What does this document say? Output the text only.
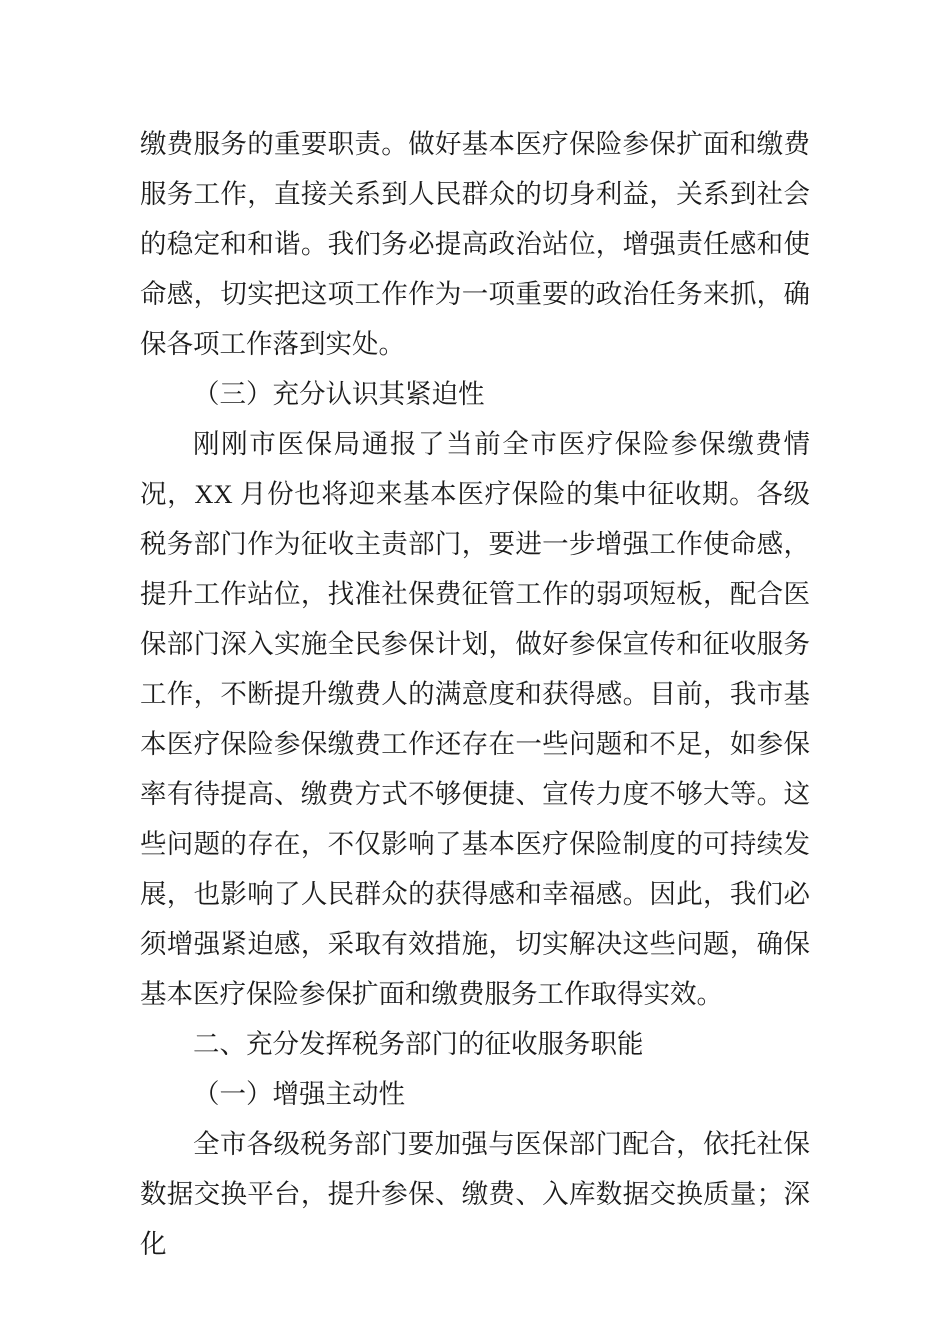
缴费服务的重要职责。做好基本医疗保险参保扩面和缴费服务工作，直接关系到人民群众的切身利益，关系到社会的稳定和和谐。我们务必提高政治站位，增强责任感和使命感，切实把这项工作作为一项重要的政治任务来抓，确保各项工作落到实处。

（三）充分认识其紧迫性

刚刚市医保局通报了当前全市医疗保险参保缴费情况，XX 月份也将迎来基本医疗保险的集中征收期。各级税务部门作为征收主责部门，要进一步增强工作使命感，提升工作站位，找准社保费征管工作的弱项短板，配合医保部门深入实施全民参保计划，做好参保宣传和征收服务工作，不断提升缴费人的满意度和获得感。目前，我市基本医疗保险参保缴费工作还存在一些问题和不足，如参保率有待提高、缴费方式不够便捷、宣传力度不够大等。这些问题的存在，不仅影响了基本医疗保险制度的可持续发展，也影响了人民群众的获得感和幸福感。因此，我们必须增强紧迫感，采取有效措施，切实解决这些问题，确保基本医疗保险参保扩面和缴费服务工作取得实效。

二、充分发挥税务部门的征收服务职能

（一）增强主动性

全市各级税务部门要加强与医保部门配合，依托社保数据交换平台，提升参保、缴费、入库数据交换质量；深化
